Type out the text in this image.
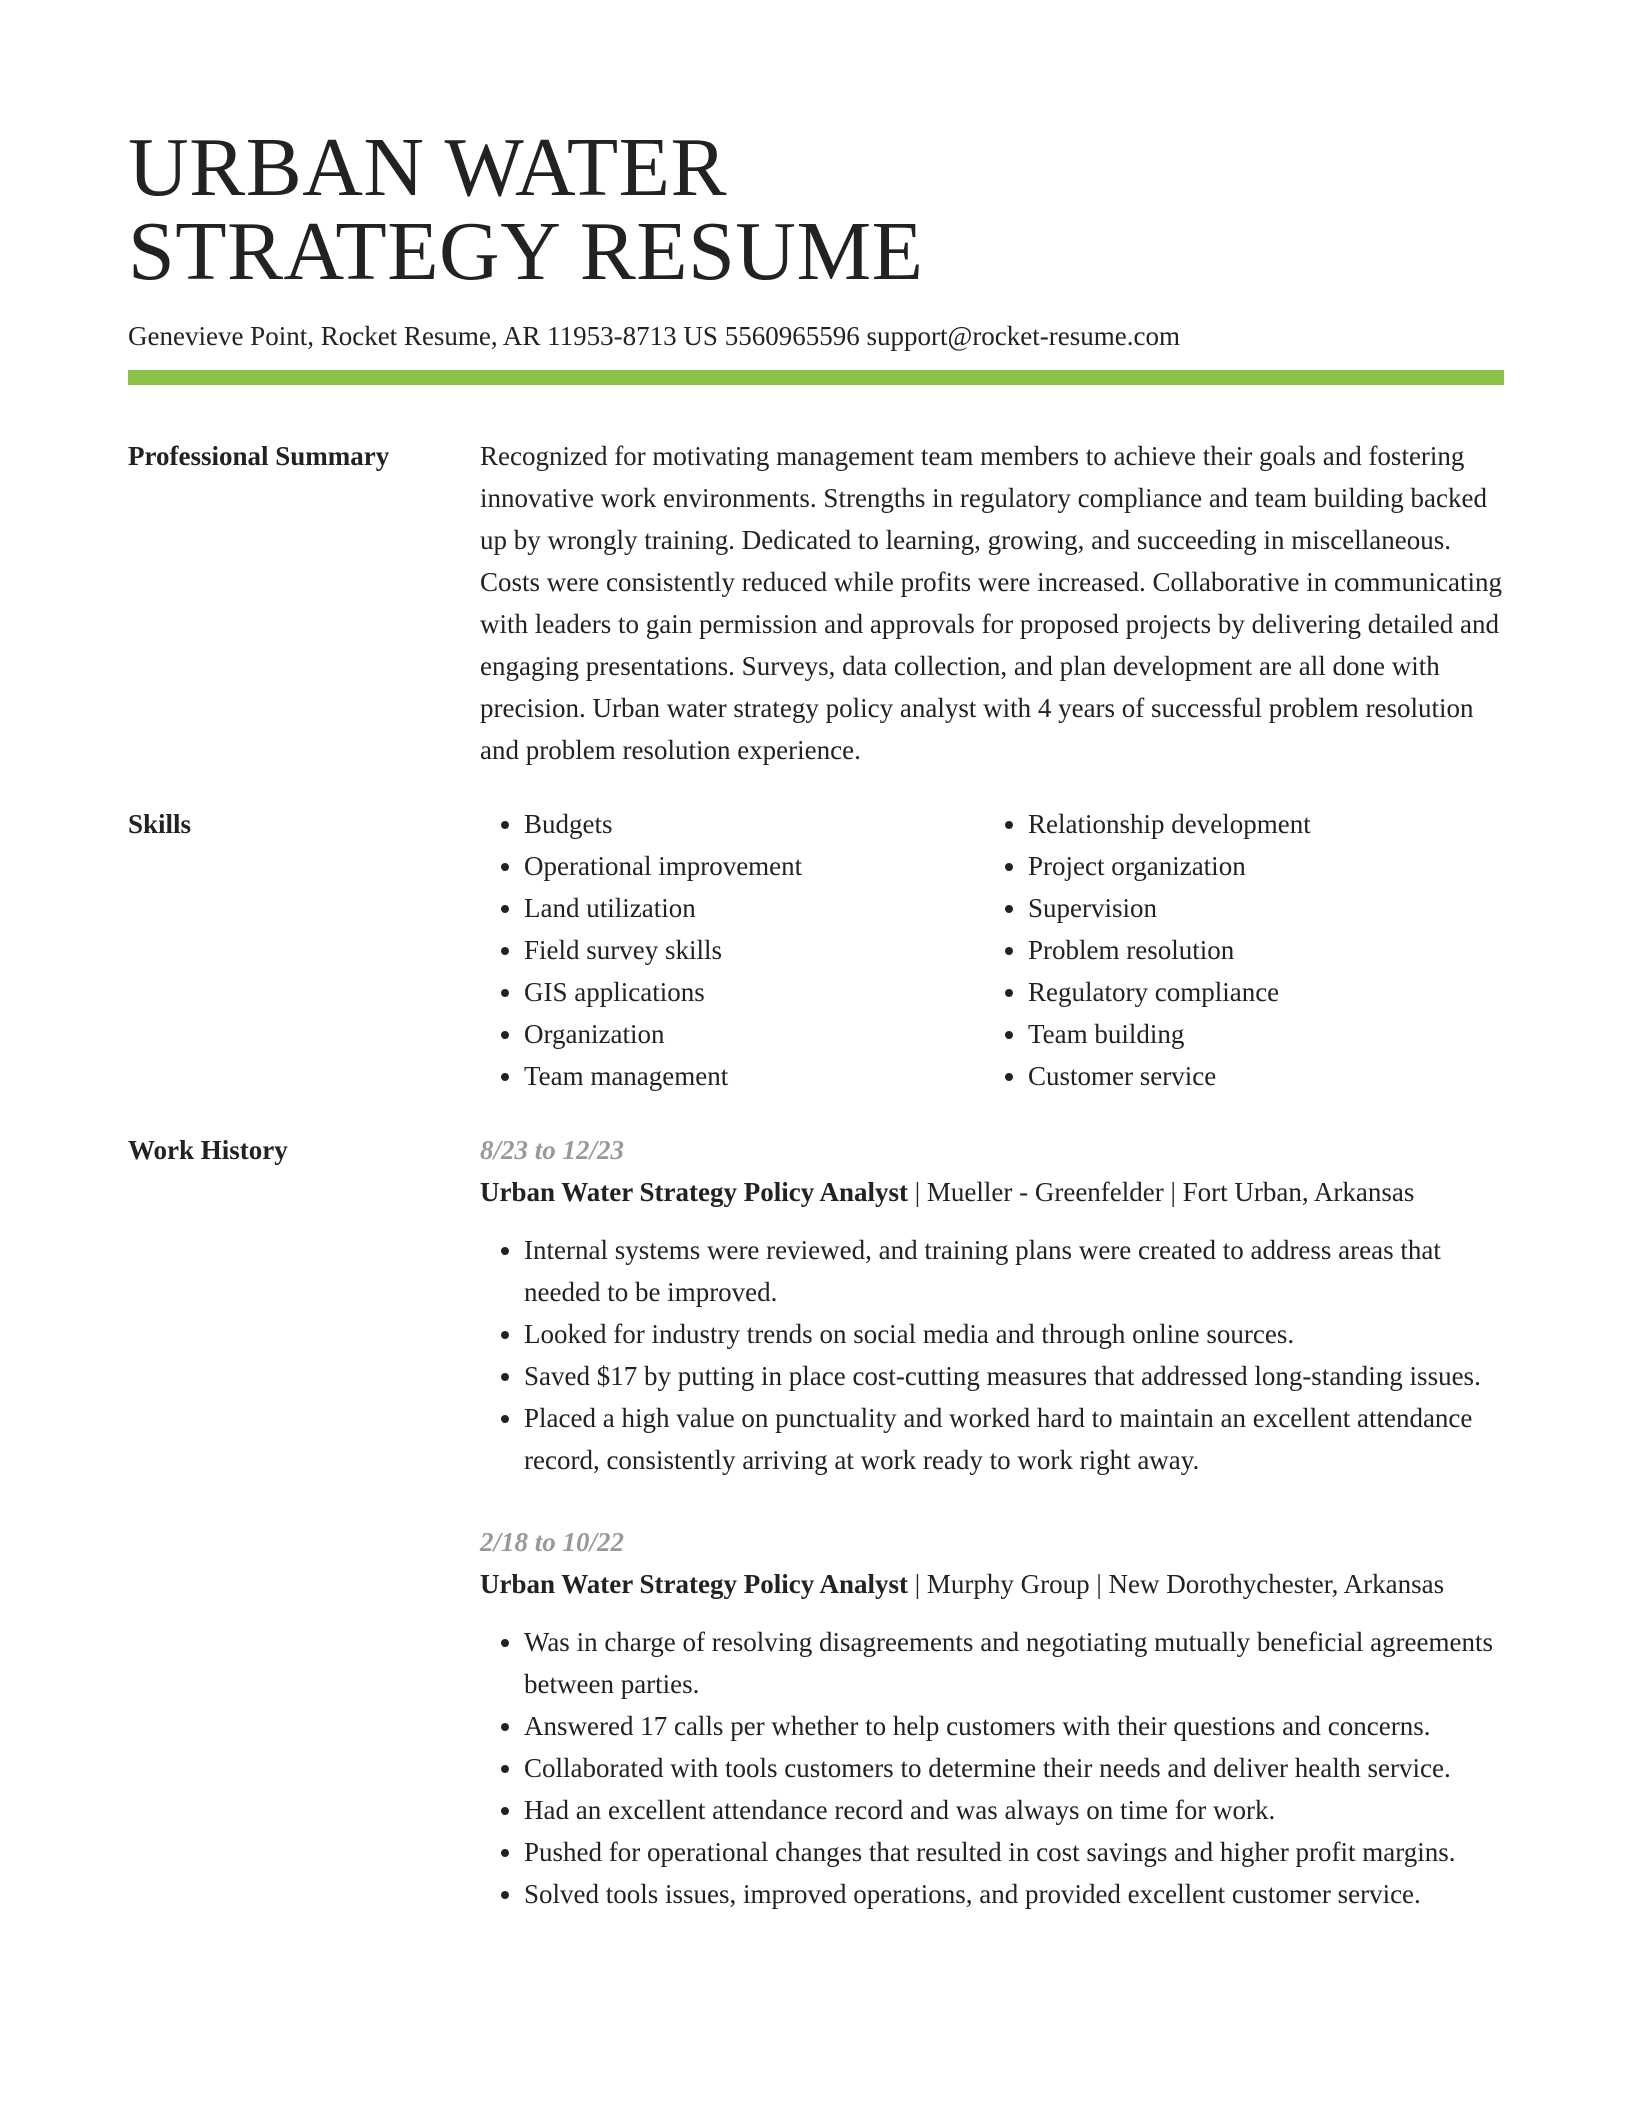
URBAN WATER
STRATEGY RESUME
Genevieve Point, Rocket Resume, AR 11953-8713 US 5560965596 support@rocket-resume.com
Professional Summary	Recognized for motivating management team members to achieve their goals and fostering innovative work environments. Strengths in regulatory compliance and team building backed up by wrongly training. Dedicated to learning, growing, and succeeding in miscellaneous. Costs were consistently reduced while profits were increased. Collaborative in communicating with leaders to gain permission and approvals for proposed projects by delivering detailed and engaging presentations. Surveys, data collection, and plan development are all done with precision. Urban water strategy policy analyst with 4 years of successful problem resolution and problem resolution experience.

Skills
•	Budgets
• Operational improvement
• Land utilization
• Field survey skills
• GIS applications
• Organization
• Team management
• Relationship development
• Project organization
• Supervision
• Problem resolution
• Regulatory compliance
• Team building
• Customer service
Work History	8/23 to 12/23
Urban Water Strategy Policy Analyst | Mueller - Greenfelder | Fort Urban, Arkansas
• Internal systems were reviewed, and training plans were created to address areas that needed to be improved.
• Looked for industry trends on social media and through online sources.
• Saved $17 by putting in place cost-cutting measures that addressed long-standing issues.
• Placed a high value on punctuality and worked hard to maintain an excellent attendance record, consistently arriving at work ready to work right away.
2/18 to 10/22
Urban Water Strategy Policy Analyst | Murphy Group | New Dorothychester, Arkansas
• Was in charge of resolving disagreements and negotiating mutually beneficial agreements between parties.
• Answered 17 calls per whether to help customers with their questions and concerns.
• Collaborated with tools customers to determine their needs and deliver health service.
• Had an excellent attendance record and was always on time for work.
• Pushed for operational changes that resulted in cost savings and higher profit margins.
• Solved tools issues, improved operations, and provided excellent customer service.
